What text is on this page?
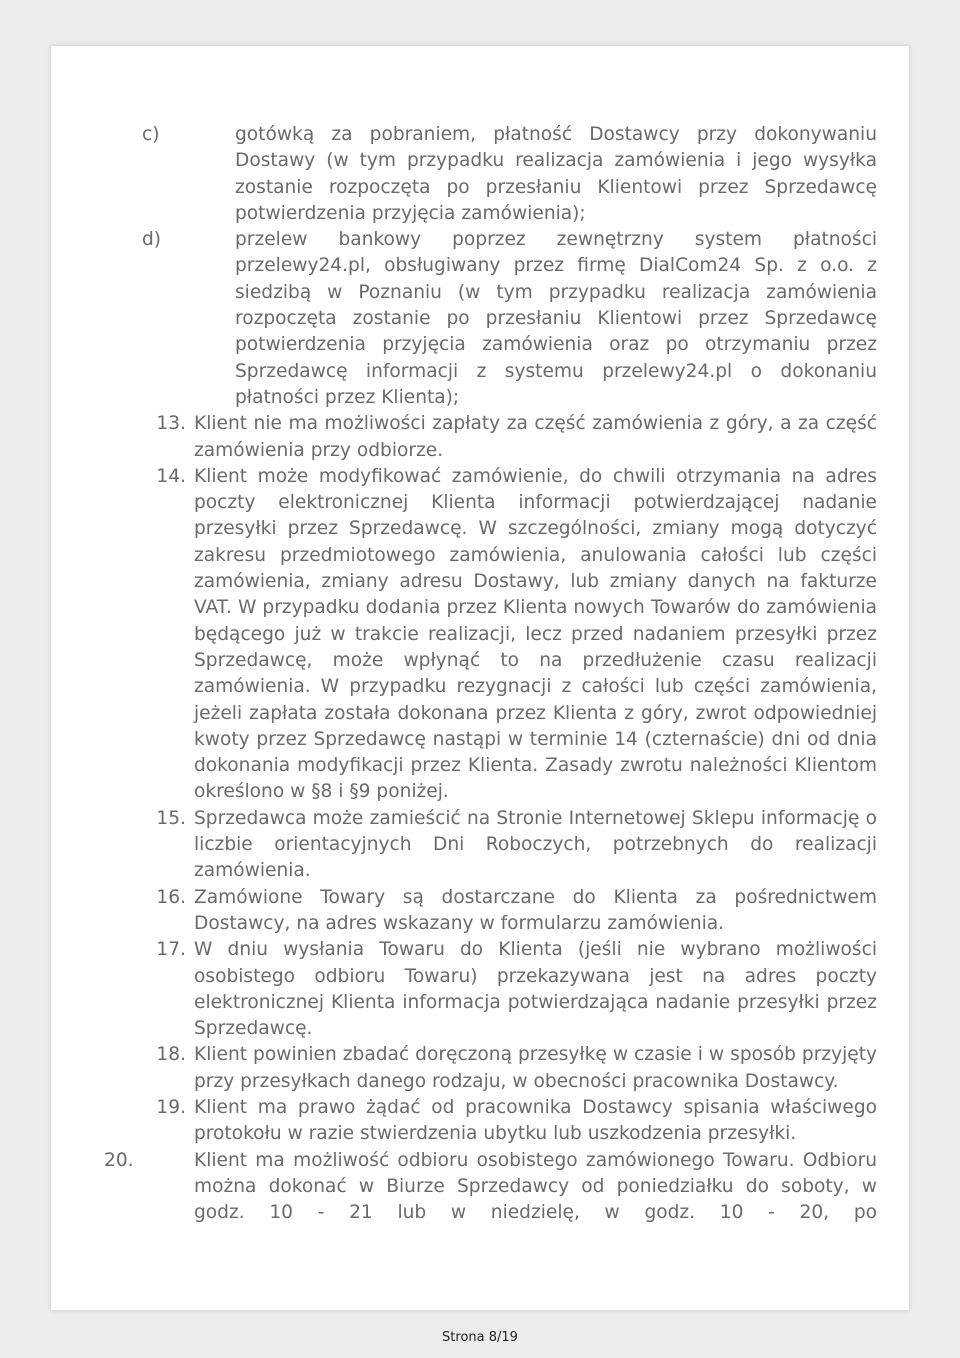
c)	gotówką za pobraniem, płatność Dostawcy przy dokonywaniu Dostawy (w tym przypadku realizacja zamówienia i jego wysyłka zostanie rozpoczęta po przesłaniu Klientowi przez Sprzedawcę potwierdzenia przyjęcia zamówienia);
d)	przelew bankowy poprzez zewnętrzny system płatności przelewy24.pl, obsługiwany przez firmę DialCom24 Sp. z o.o. z siedzibą w Poznaniu (w tym przypadku realizacja zamówienia rozpoczęta zostanie po przesłaniu Klientowi przez Sprzedawcę potwierdzenia przyjęcia zamówienia oraz po otrzymaniu przez Sprzedawcę informacji z systemu przelewy24.pl o dokonaniu płatności przez Klienta);
13. Klient nie ma możliwości zapłaty za część zamówienia z góry, a za część zamówienia przy odbiorze.
14. Klient może modyfikować zamówienie, do chwili otrzymania na adres poczty elektronicznej Klienta informacji potwierdzającej nadanie przesyłki przez Sprzedawcę. W szczególności, zmiany mogą dotyczyć zakresu przedmiotowego zamówienia, anulowania całości lub części zamówienia, zmiany adresu Dostawy, lub zmiany danych na fakturze VAT. W przypadku dodania przez Klienta nowych Towarów do zamówienia będącego już w trakcie realizacji, lecz przed nadaniem przesyłki przez Sprzedawcę, może wpłynąć to na przedłużenie czasu realizacji zamówienia. W przypadku rezygnacji z całości lub części zamówienia, jeżeli zapłata została dokonana przez Klienta z góry, zwrot odpowiedniej kwoty przez Sprzedawcę nastąpi w terminie 14 (czternaście) dni od dnia dokonania modyfikacji przez Klienta. Zasady zwrotu należności Klientom określono w §8 i §9 poniżej.
15. Sprzedawca może zamieścić na Stronie Internetowej Sklepu informację o liczbie orientacyjnych Dni Roboczych, potrzebnych do realizacji zamówienia.
16. Zamówione Towary są dostarczane do Klienta za pośrednictwem Dostawcy, na adres wskazany w formularzu zamówienia.
17. W dniu wysłania Towaru do Klienta (jeśli nie wybrano możliwości osobistego odbioru Towaru) przekazywana jest na adres poczty elektronicznej Klienta informacja potwierdzająca nadanie przesyłki przez Sprzedawcę.
18. Klient powinien zbadać doręczoną przesyłkę w czasie i w sposób przyjęty przy przesyłkach danego rodzaju, w obecności pracownika Dostawcy.
19. Klient ma prawo żądać od pracownika Dostawcy spisania właściwego protokołu w razie stwierdzenia ubytku lub uszkodzenia przesyłki.
20.	Klient ma możliwość odbioru osobistego zamówionego Towaru. Odbioru można dokonać w Biurze Sprzedawcy od poniedziałku do soboty, w godz. 10 - 21 lub w niedzielę, w godz. 10 - 20, po
Strona 8/19
